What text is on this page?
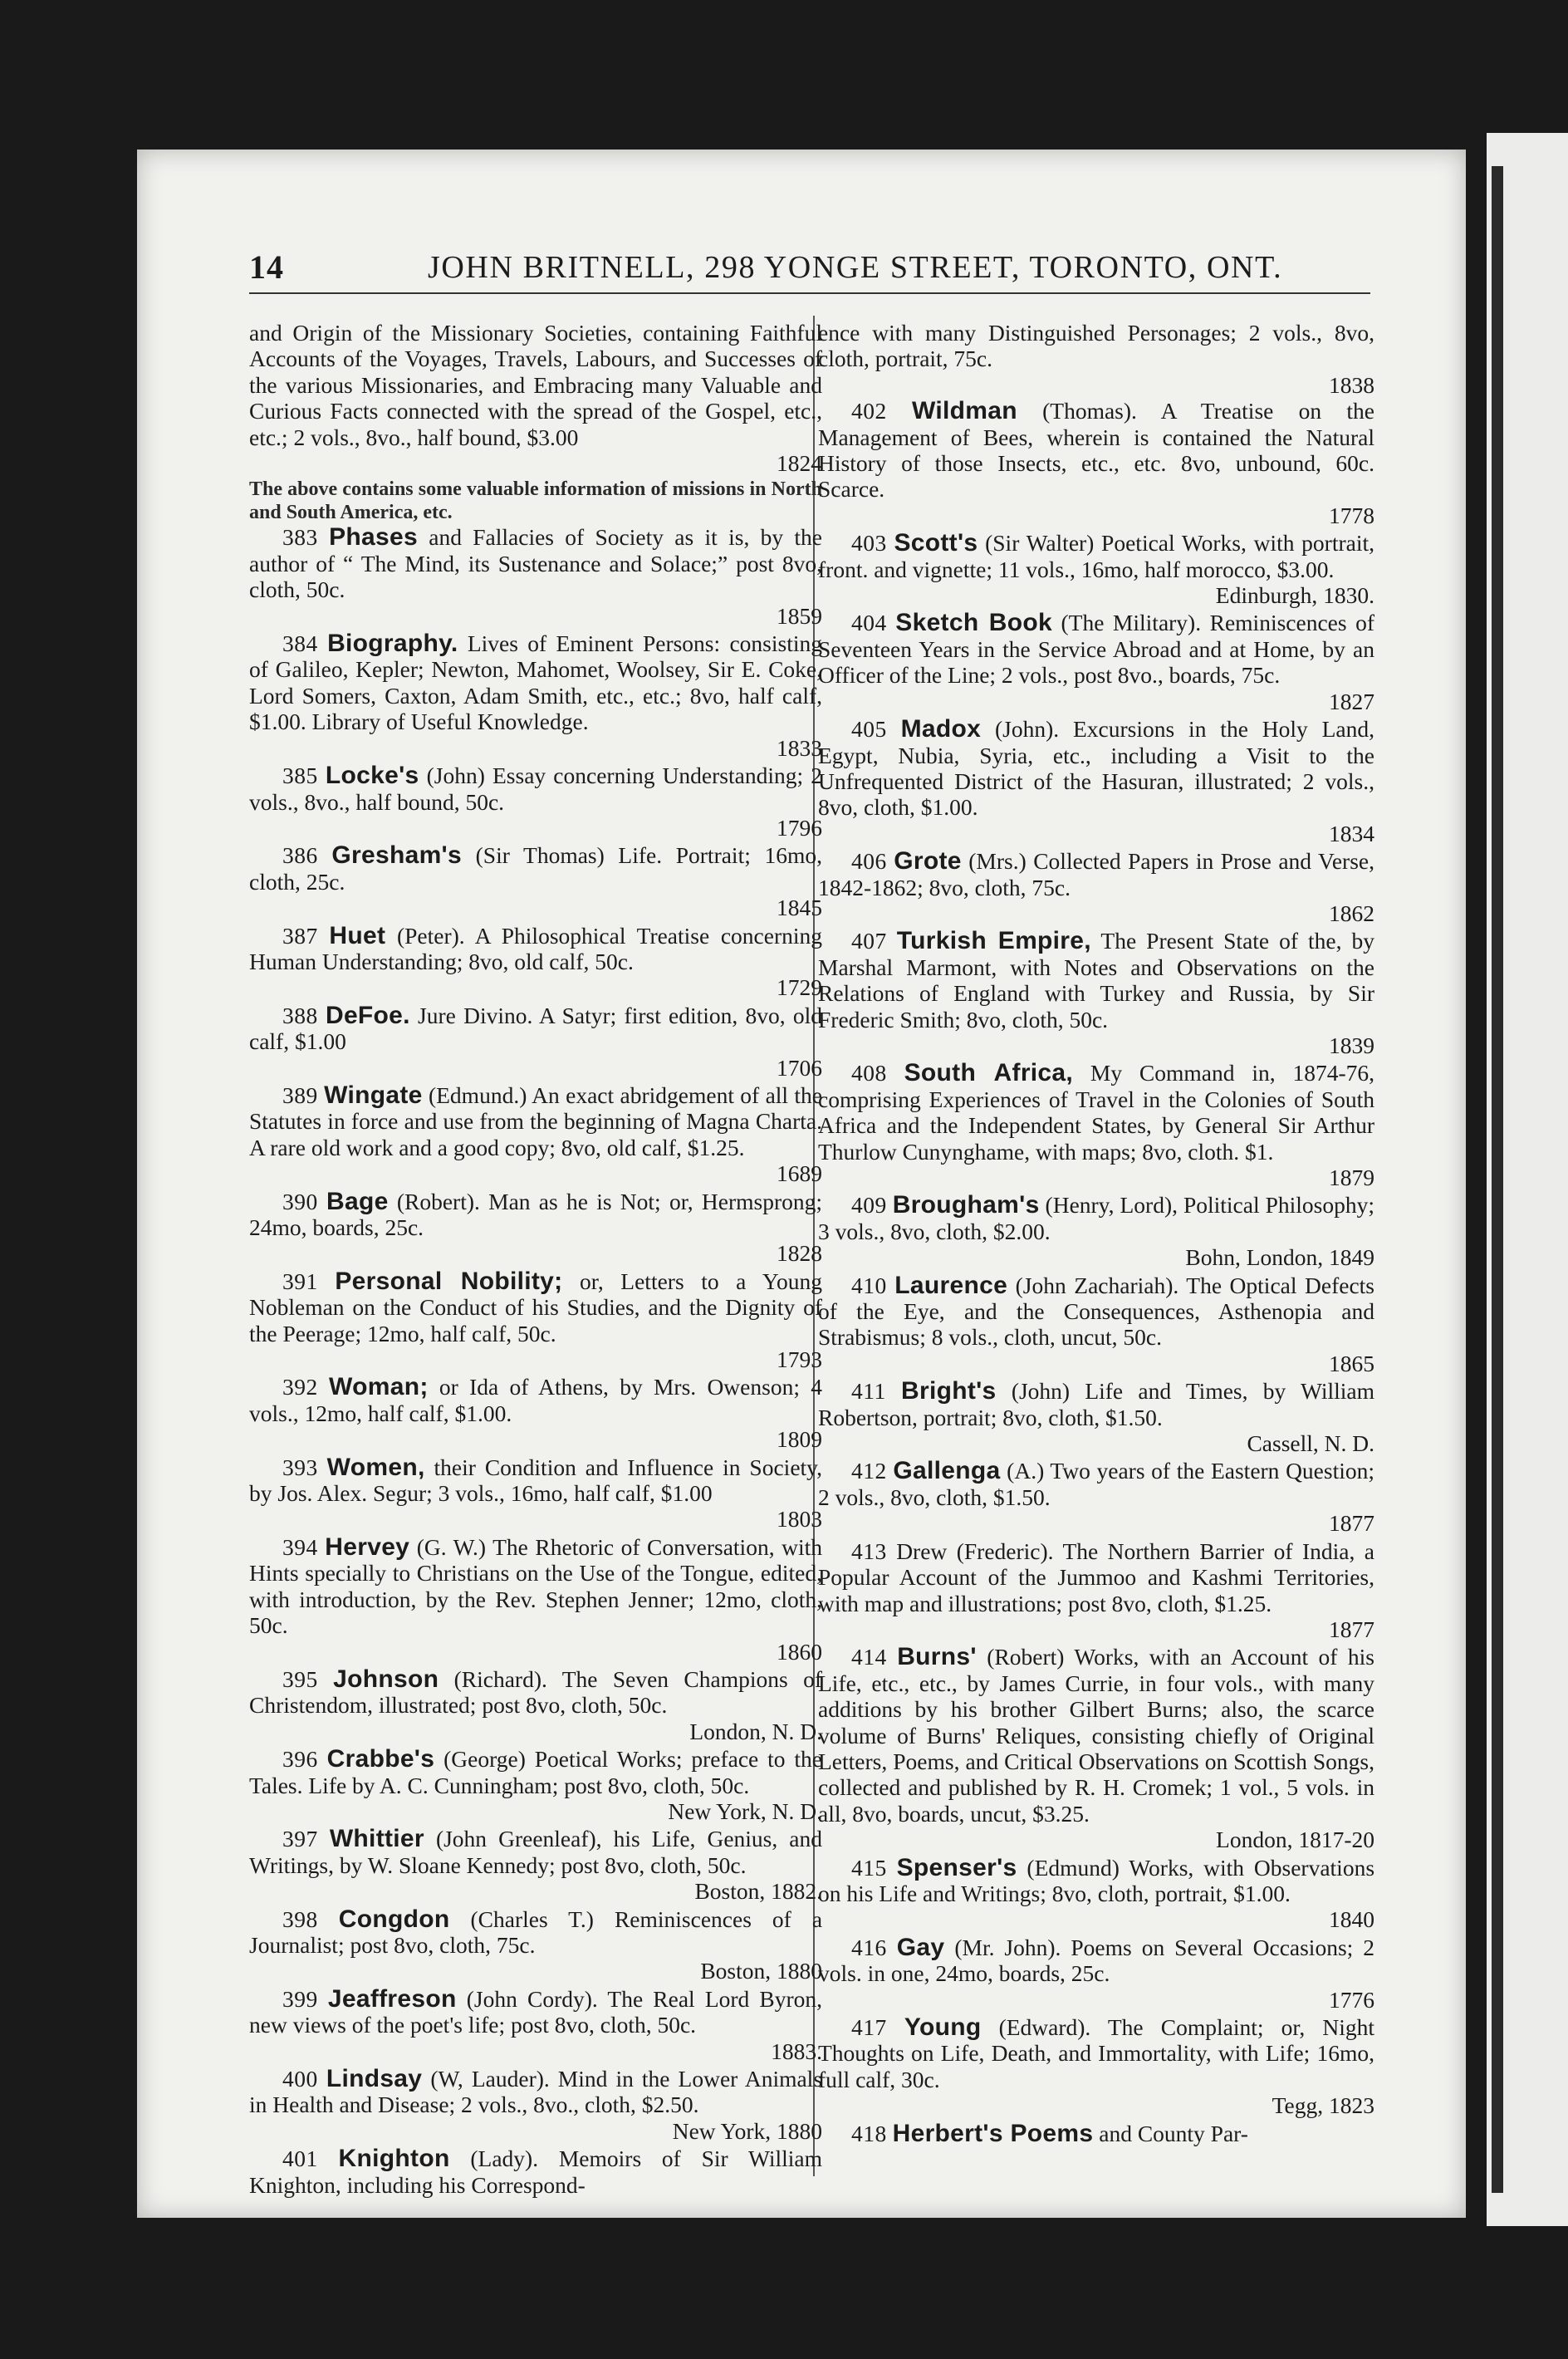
14	JOHN BRITNELL, 298 YONGE STREET, TORONTO, ONT.

and Origin of the Missionary Societies, containing Faithful Accounts of the Voyages, Travels, Labours, and Successes of the various Missionaries, and Embracing many Valuable and Curious Facts connected with the spread of the Gospel, etc., etc.; 2 vols., 8vo., half bound, $3.00
1824

The above contains some valuable information of missions in North and South America, etc.

383 Phases and Fallacies of Society as it is, by the author of “ The Mind, its Sustenance and Solace;” post 8vo, cloth, 50c.
1859

384 Biography. Lives of Eminent Persons: consisting of Galileo, Kepler; Newton, Mahomet, Woolsey, Sir E. Coke, Lord Somers, Caxton, Adam Smith, etc., etc.; 8vo, half calf, $1.00. Library of Useful Knowledge.
1833

385 Locke's (John) Essay concerning Understanding; 2 vols., 8vo., half bound, 50c.
1796

386 Gresham's (Sir Thomas) Life. Portrait; 16mo, cloth, 25c.
1845

387 Huet (Peter). A Philosophical Treatise concerning Human Understanding; 8vo, old calf, 50c.
1729

388 DeFoe. Jure Divino. A Satyr; first edition, 8vo, old calf, $1.00
1706

389 Wingate (Edmund.) An exact abridgement of all the Statutes in force and use from the beginning of Magna Charta. A rare old work and a good copy; 8vo, old calf, $1.25.
1689

390 Bage (Robert). Man as he is Not; or, Hermsprong; 24mo, boards, 25c.
1828

391 Personal Nobility; or, Letters to a Young Nobleman on the Conduct of his Studies, and the Dignity of the Peerage; 12mo, half calf, 50c.
1793

392 Woman; or Ida of Athens, by Mrs. Owenson; 4 vols., 12mo, half calf, $1.00.
1809

393 Women, their Condition and Influence in Society, by Jos. Alex. Segur; 3 vols., 16mo, half calf, $1.00
1803

394 Hervey (G. W.) The Rhetoric of Conversation, with Hints specially to Christians on the Use of the Tongue, edited, with introduction, by the Rev. Stephen Jenner; 12mo, cloth, 50c.
1860

395 Johnson (Richard). The Seven Champions of Christendom, illustrated; post 8vo, cloth, 50c.
London, N. D.

396 Crabbe's (George) Poetical Works; preface to the Tales. Life by A. C. Cunningham; post 8vo, cloth, 50c.
New York, N. D.

397 Whittier (John Greenleaf), his Life, Genius, and Writings, by W. Sloane Kennedy; post 8vo, cloth, 50c.
Boston, 1882.

398 Congdon (Charles T.) Reminiscences of a Journalist; post 8vo, cloth, 75c.
Boston, 1880

399 Jeaffreson (John Cordy). The Real Lord Byron, new views of the poet's life; post 8vo, cloth, 50c.
1883.

400 Lindsay (W, Lauder). Mind in the Lower Animals in Health and Disease; 2 vols., 8vo., cloth, $2.50.
New York, 1880

401 Knighton (Lady). Memoirs of Sir William Knighton, including his Correspond-

ence with many Distinguished Personages; 2 vols., 8vo, cloth, portrait, 75c.
1838

402 Wildman (Thomas). A Treatise on the Management of Bees, wherein is contained the Natural History of those Insects, etc., etc. 8vo, unbound, 60c. Scarce.
1778

403 Scott's (Sir Walter) Poetical Works, with portrait, front. and vignette; 11 vols., 16mo, half morocco, $3.00.
Edinburgh, 1830.

404 Sketch Book (The Military). Reminiscences of Seventeen Years in the Service Abroad and at Home, by an Officer of the Line; 2 vols., post 8vo., boards, 75c.
1827

405 Madox (John). Excursions in the Holy Land, Egypt, Nubia, Syria, etc., including a Visit to the Unfrequented District of the Hasuran, illustrated; 2 vols., 8vo, cloth, $1.00.
1834

406 Grote (Mrs.) Collected Papers in Prose and Verse, 1842-1862; 8vo, cloth, 75c.
1862

407 Turkish Empire, The Present State of the, by Marshal Marmont, with Notes and Observations on the Relations of England with Turkey and Russia, by Sir Frederic Smith; 8vo, cloth, 50c.
1839

408 South Africa, My Command in, 1874-76, comprising Experiences of Travel in the Colonies of South Africa and the Independent States, by General Sir Arthur Thurlow Cunynghame, with maps; 8vo, cloth. $1.
1879

409 Brougham's (Henry, Lord), Political Philosophy; 3 vols., 8vo, cloth, $2.00.
Bohn, London, 1849

410 Laurence (John Zachariah). The Optical Defects of the Eye, and the Consequences, Asthenopia and Strabismus; 8 vols., cloth, uncut, 50c.
1865

411 Bright's (John) Life and Times, by William Robertson, portrait; 8vo, cloth, $1.50.
Cassell, N. D.

412 Gallenga (A.) Two years of the Eastern Question; 2 vols., 8vo, cloth, $1.50.
1877

413 Drew (Frederic). The Northern Barrier of India, a Popular Account of the Jummoo and Kashmi Territories, with map and illustrations; post 8vo, cloth, $1.25.
1877

414 Burns' (Robert) Works, with an Account of his Life, etc., etc., by James Currie, in four vols., with many additions by his brother Gilbert Burns; also, the scarce volume of Burns' Reliques, consisting chiefly of Original Letters, Poems, and Critical Observations on Scottish Songs, collected and published by R. H. Cromek; 1 vol., 5 vols. in all, 8vo, boards, uncut, $3.25.
London, 1817-20

415 Spenser's (Edmund) Works, with Observations on his Life and Writings; 8vo, cloth, portrait, $1.00.
1840

416 Gay (Mr. John). Poems on Several Occasions; 2 vols. in one, 24mo, boards, 25c.
1776

417 Young (Edward). The Complaint; or, Night Thoughts on Life, Death, and Immortality, with Life; 16mo, full calf, 30c.
Tegg, 1823

418 Herbert's Poems and County Par-
